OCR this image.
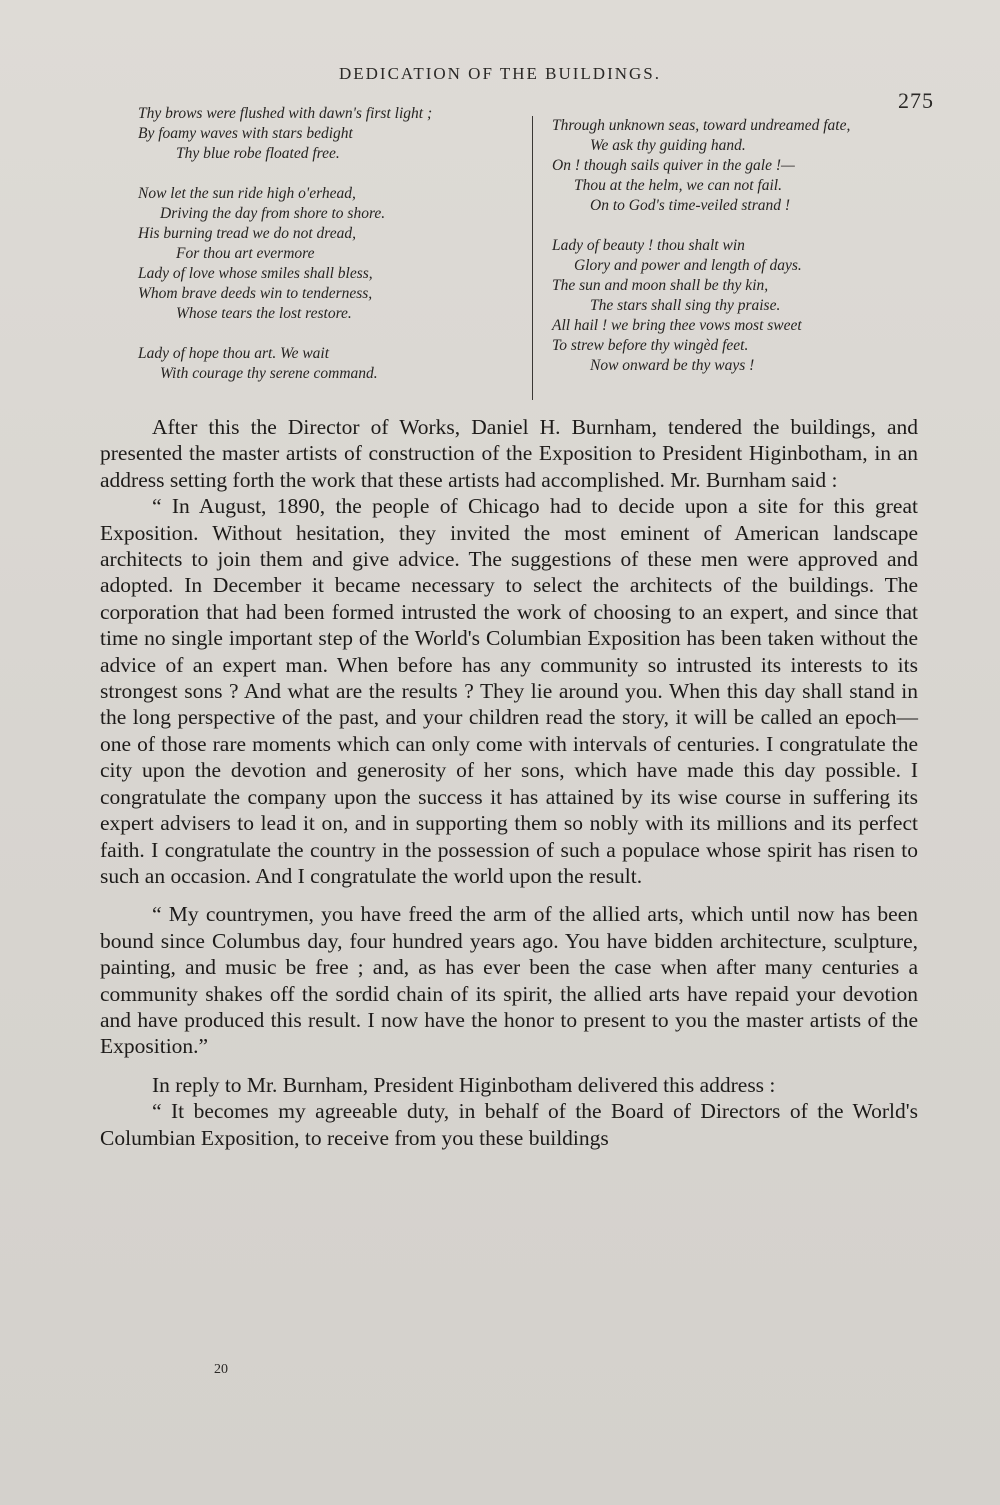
DEDICATION OF THE BUILDINGS.
275
Thy brows were flushed with dawn's first light ;
By foamy waves with stars bedight
Thy blue robe floated free.
Now let the sun ride high o'erhead,
Driving the day from shore to shore.
His burning tread we do not dread,
For thou art evermore
Lady of love whose smiles shall bless,
Whom brave deeds win to tenderness,
Whose tears the lost restore.
Lady of hope thou art. We wait
With courage thy serene command.
Through unknown seas, toward undreamed fate,
We ask thy guiding hand.
On ! though sails quiver in the gale !—
Thou at the helm, we can not fail.
On to God's time-veiled strand !
Lady of beauty ! thou shalt win
Glory and power and length of days.
The sun and moon shall be thy kin,
The stars shall sing thy praise.
All hail ! we bring thee vows most sweet
To strew before thy wingèd feet.
Now onward be thy ways !

After this the Director of Works, Daniel H. Burnham, tendered the buildings, and presented the master artists of construction of the Exposition to President Higinbotham, in an address setting forth the work that these artists had accomplished. Mr. Burnham said :

“ In August, 1890, the people of Chicago had to decide upon a site for this great Exposition. Without hesitation, they invited the most eminent of American landscape architects to join them and give advice. The suggestions of these men were approved and adopted. In December it became necessary to select the architects of the buildings. The corporation that had been formed intrusted the work of choosing to an expert, and since that time no single important step of the World's Columbian Exposition has been taken without the advice of an expert man. When before has any community so intrusted its interests to its strongest sons ? And what are the results ? They lie around you. When this day shall stand in the long perspective of the past, and your children read the story, it will be called an epoch—one of those rare moments which can only come with intervals of centuries. I congratulate the city upon the devotion and generosity of her sons, which have made this day possible. I congratulate the company upon the success it has attained by its wise course in suffering its expert advisers to lead it on, and in supporting them so nobly with its millions and its perfect faith. I congratulate the country in the possession of such a populace whose spirit has risen to such an occasion. And I congratulate the world upon the result.

“ My countrymen, you have freed the arm of the allied arts, which until now has been bound since Columbus day, four hundred years ago. You have bidden architecture, sculpture, painting, and music be free ; and, as has ever been the case when after many centuries a community shakes off the sordid chain of its spirit, the allied arts have repaid your devotion and have produced this result. I now have the honor to present to you the master artists of the Exposition.”

In reply to Mr. Burnham, President Higinbotham delivered this address :

“ It becomes my agreeable duty, in behalf of the Board of Directors of the World's Columbian Exposition, to receive from you these buildings

20
